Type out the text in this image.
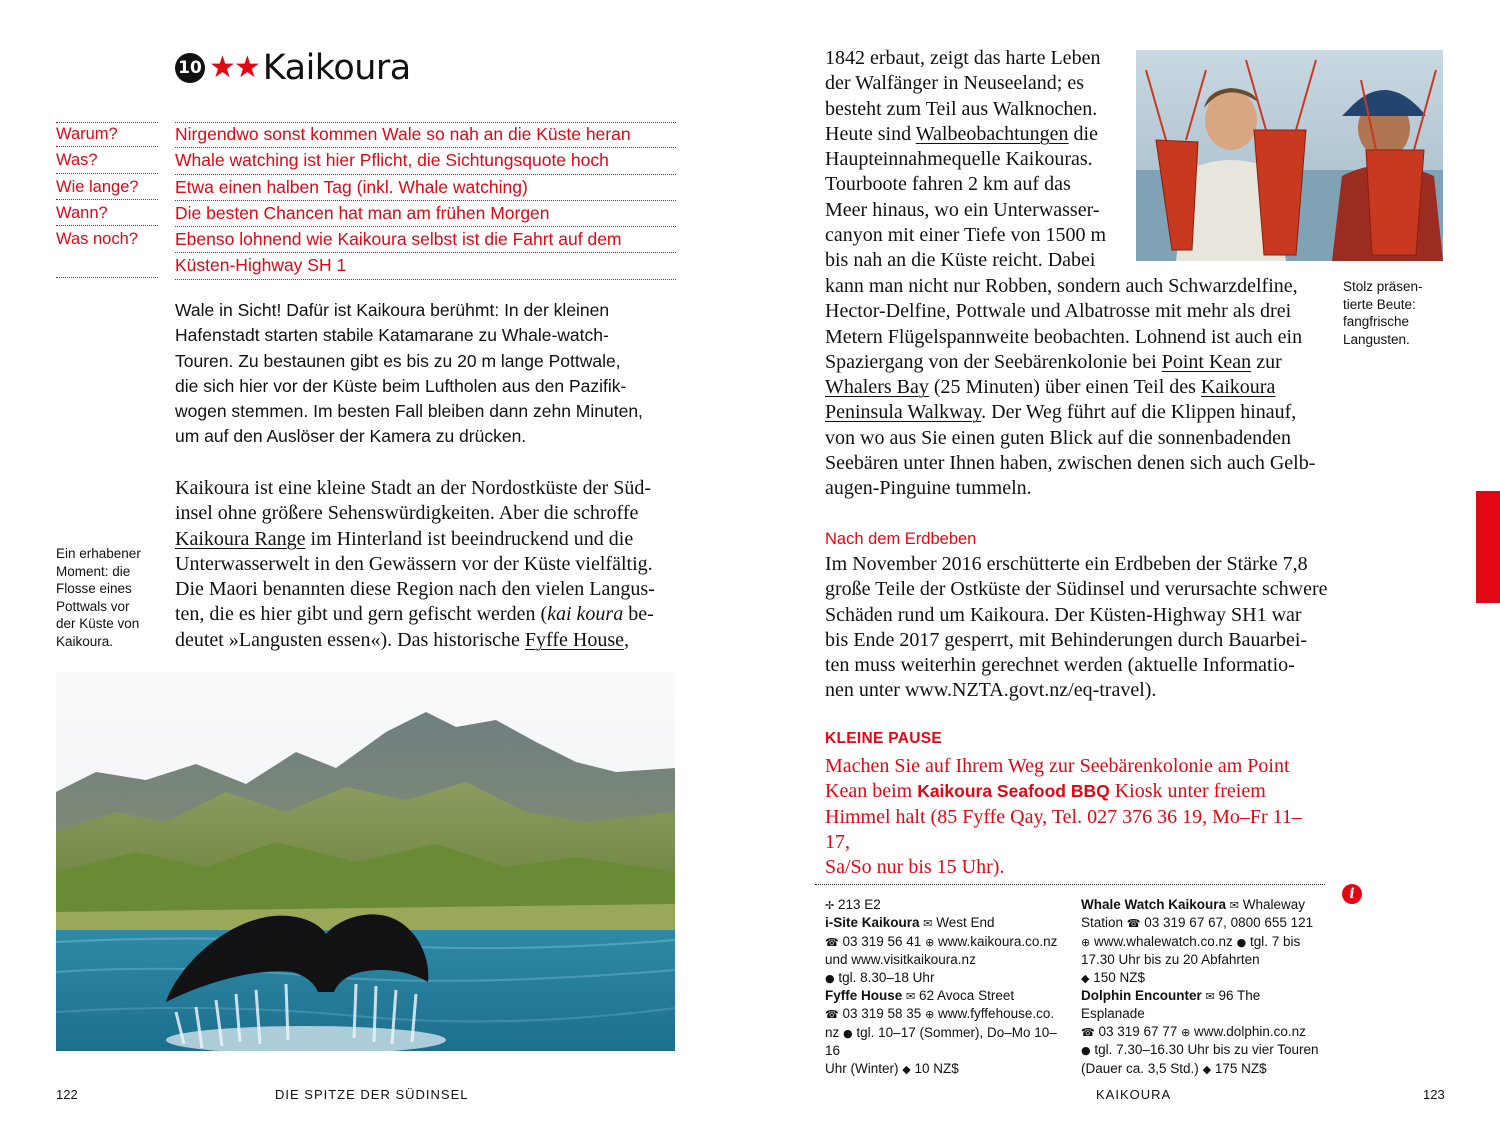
10 ★★ Kaikoura
Warum?	Nirgendwo sonst kommen Wale so nah an die Küste heran
Was?	Whale watching ist hier Pflicht, die Sichtungsquote hoch
Wie lange?	Etwa einen halben Tag (inkl. Whale watching)
Wann?	Die besten Chancen hat man am frühen Morgen
Was noch?	Ebenso lohnend wie Kaikoura selbst ist die Fahrt auf dem
Küsten-Highway SH 1
Wale in Sicht! Dafür ist Kaikoura berühmt: In der kleinen
Hafenstadt starten stabile Katamarane zu Whale-watch-
Touren. Zu bestaunen gibt es bis zu 20 m lange Pottwale,
die sich hier vor der Küste beim Luftholen aus den Pazifik-
wogen stemmen. Im besten Fall bleiben dann zehn Minuten,
um auf den Auslöser der Kamera zu drücken.
Kaikoura ist eine kleine Stadt an der Nordostküste der Süd-
insel ohne größere Sehenswürdigkeiten. Aber die schroffe
Kaikoura Range im Hinterland ist beeindruckend und die
Unterwasserwelt in den Gewässern vor der Küste vielfältig.
Die Maori benannten diese Region nach den vielen Langus-
ten, die es hier gibt und gern gefischt werden (kai koura be-
deutet »Langusten essen«). Das historische Fyffe House,
Ein erhabener
Moment: die
Flosse eines
Pottwals vor
der Küste von
Kaikoura.
122	DIE SPITZE DER SÜDINSEL
1842 erbaut, zeigt das harte Leben
der Walfänger in Neuseeland; es
besteht zum Teil aus Walknochen.
Heute sind Walbeobachtungen die
Haupteinnahmequelle Kaikouras.
Tourboote fahren 2 km auf das
Meer hinaus, wo ein Unterwasser-
canyon mit einer Tiefe von 1500 m
bis nah an die Küste reicht. Dabei
Stolz präsen-
tierte Beute:
fangfrische
Langusten.
kann man nicht nur Robben, sondern auch Schwarzdelfine,
Hector-Delfine, Pottwale und Albatrosse mit mehr als drei
Metern Flügelspannweite beobachten. Lohnend ist auch ein
Spaziergang von der Seebärenkolonie bei Point Kean zur
Whalers Bay (25 Minuten) über einen Teil des Kaikoura
Peninsula Walkway. Der Weg führt auf die Klippen hinauf,
von wo aus Sie einen guten Blick auf die sonnenbadenden
Seebären unter Ihnen haben, zwischen denen sich auch Gelb-
augen-Pinguine tummeln.
Nach dem Erdbeben
Im November 2016 erschütterte ein Erdbeben der Stärke 7,8
große Teile der Ostküste der Südinsel und verursachte schwere
Schäden rund um Kaikoura. Der Küsten-Highway SH1 war
bis Ende 2017 gesperrt, mit Behinderungen durch Bauarbei-
ten muss weiterhin gerechnet werden (aktuelle Informatio-
nen unter www.NZTA.govt.nz/eq-travel).
KLEINE PAUSE
Machen Sie auf Ihrem Weg zur Seebärenkolonie am Point
Kean beim Kaikoura Seafood BBQ Kiosk unter freiem
Himmel halt (85 Fyffe Qay, Tel. 027 376 36 19, Mo–Fr 11–17,
Sa/So nur bis 15 Uhr).
i
✢ 213 E2
i-Site Kaikoura ✉ West End
☎ 03 319 56 41 ⊕ www.kaikoura.co.nz
und www.visitkaikoura.nz
● tgl. 8.30–18 Uhr
Fyffe House ✉ 62 Avoca Street
☎ 03 319 58 35 ⊕ www.fyffehouse.co.
nz ● tgl. 10–17 (Sommer), Do–Mo 10–16
Uhr (Winter) ◆ 10 NZ$
Whale Watch Kaikoura ✉ Whaleway
Station ☎ 03 319 67 67, 0800 655 121
⊕ www.whalewatch.co.nz ● tgl. 7 bis
17.30 Uhr bis zu 20 Abfahrten
◆ 150 NZ$
Dolphin Encounter ✉ 96 The Esplanade
☎ 03 319 67 77 ⊕ www.dolphin.co.nz
● tgl. 7.30–16.30 Uhr bis zu vier Touren
(Dauer ca. 3,5 Std.) ◆ 175 NZ$
KAIKOURA	123
